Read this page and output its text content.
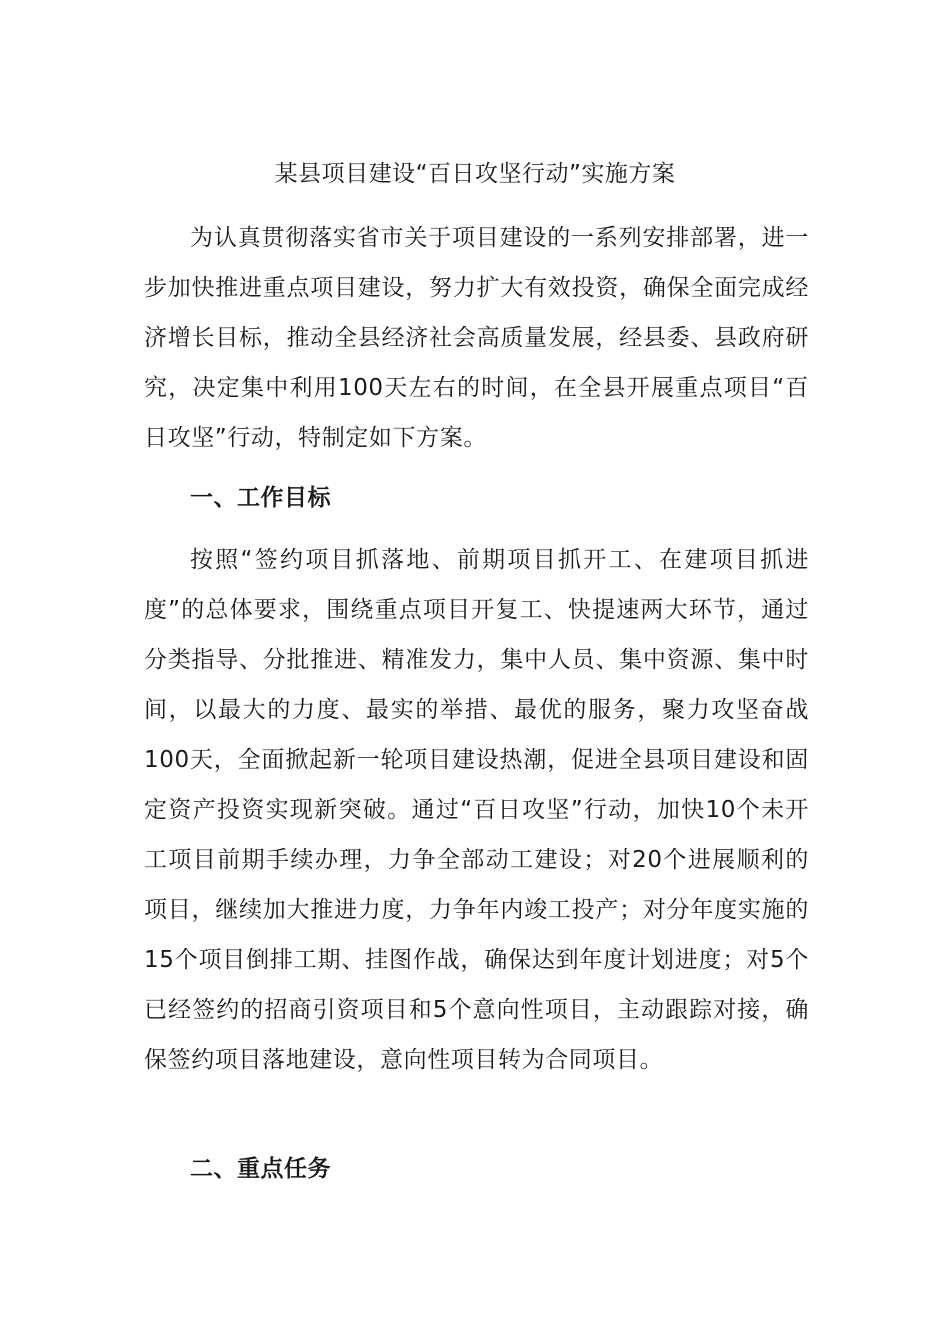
某县项目建设“百日攻坚行动”实施方案

为认真贯彻落实省市关于项目建设的一系列安排部署，进一步加快推进重点项目建设，努力扩大有效投资，确保全面完成经济增长目标，推动全县经济社会高质量发展，经县委、县政府研究，决定集中利用100天左右的时间，在全县开展重点项目“百日攻坚”行动，特制定如下方案。

一、工作目标

按照“签约项目抓落地、前期项目抓开工、在建项目抓进度”的总体要求，围绕重点项目开复工、快提速两大环节，通过分类指导、分批推进、精准发力，集中人员、集中资源、集中时间，以最大的力度、最实的举措、最优的服务，聚力攻坚奋战100天，全面掀起新一轮项目建设热潮，促进全县项目建设和固定资产投资实现新突破。通过“百日攻坚”行动，加快10个未开工项目前期手续办理，力争全部动工建设；对20个进展顺利的项目，继续加大推进力度，力争年内竣工投产；对分年度实施的15个项目倒排工期、挂图作战，确保达到年度计划进度；对5个已经签约的招商引资项目和5个意向性项目，主动跟踪对接，确保签约项目落地建设，意向性项目转为合同项目。

二、重点任务
